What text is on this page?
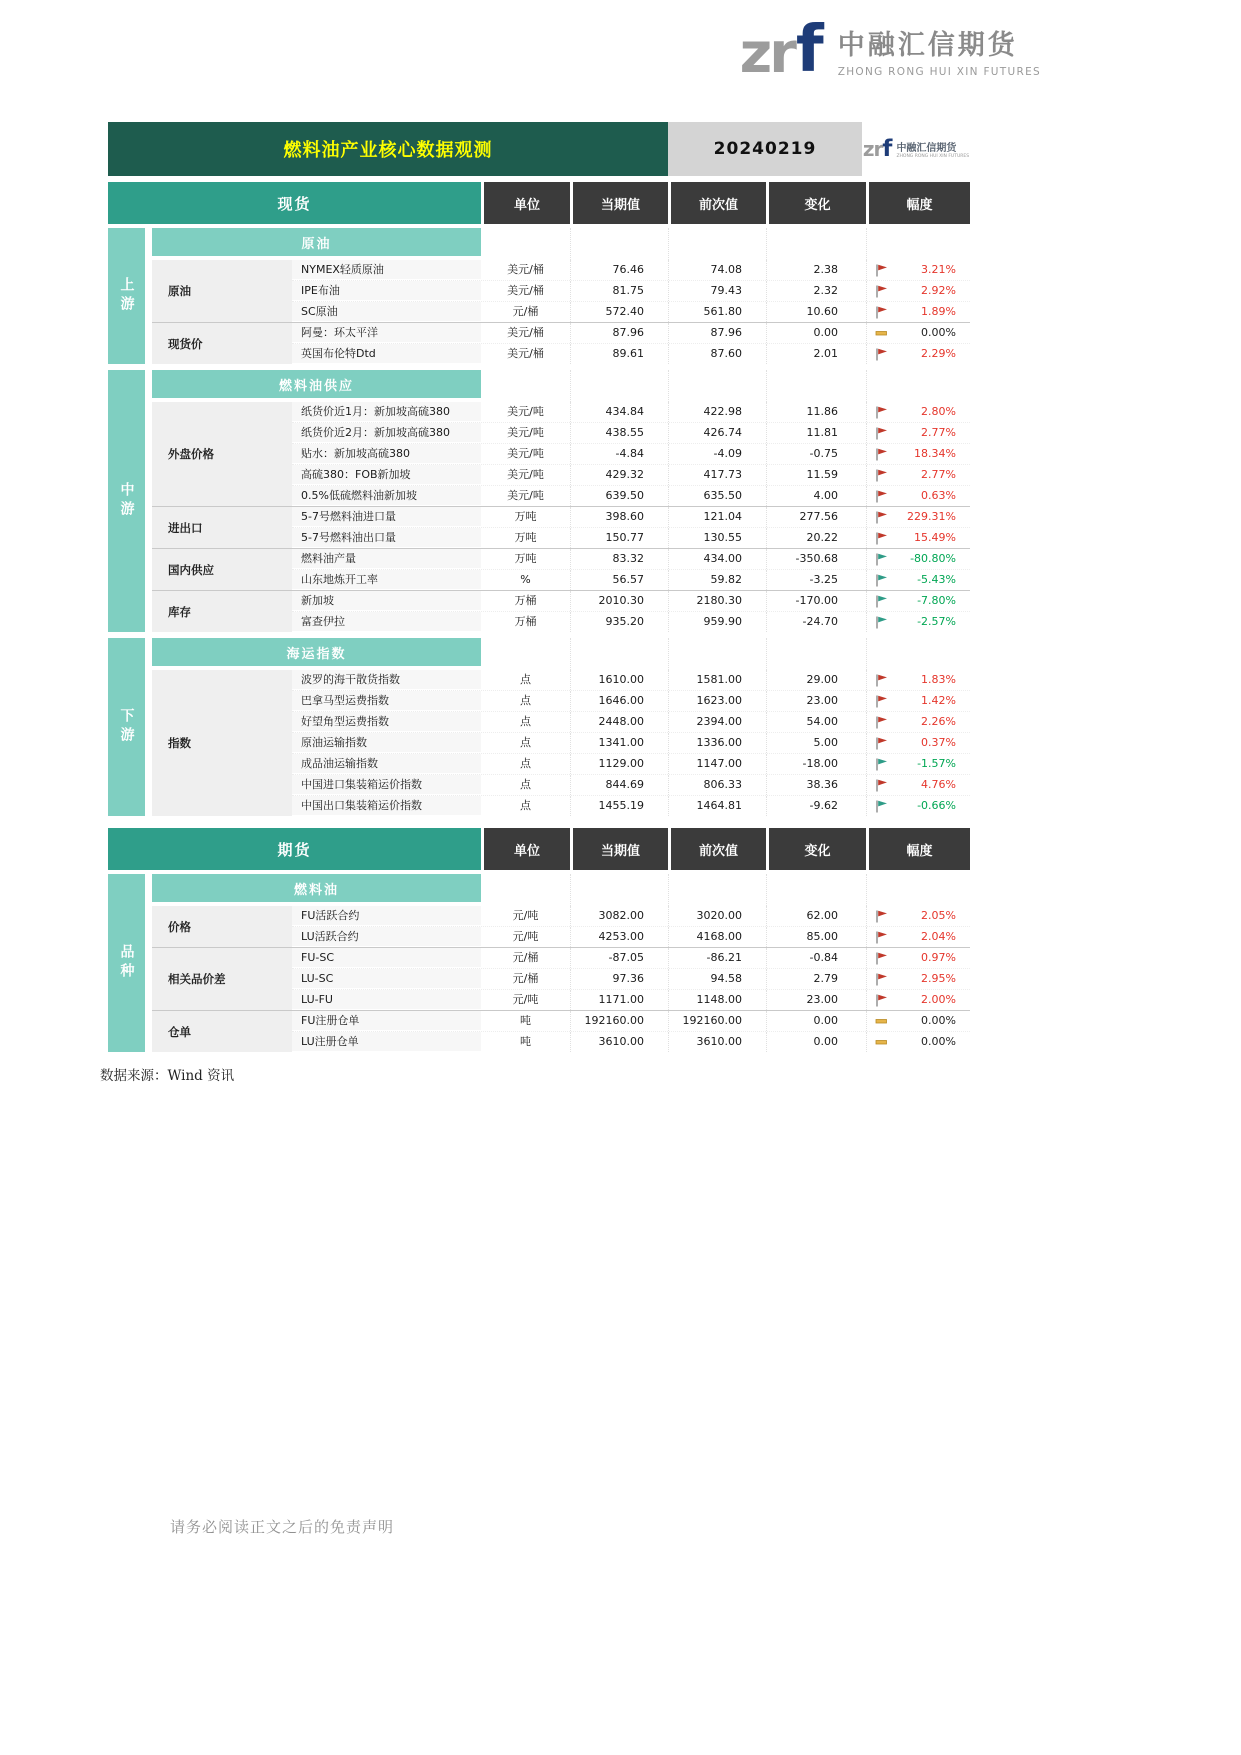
zr f 中融汇信期货
ZHONG RONG HUI XIN FUTURES
燃料油产业核心数据观测	20240219	zr f 中融汇信期货
ZHONG RONG HUI XIN FUTURES
现货	单位	当期值	前次值	变化	幅度
上游
原油
原油
NYMEX轻质原油	美元/桶	76.46	74.08	2.38	3.21%
IPE布油	美元/桶	81.75	79.43	2.32	2.92%
SC原油	元/桶	572.40	561.80	10.60	1.89%
现货价
阿曼：环太平洋	美元/桶	87.96	87.96	0.00	0.00%
英国布伦特Dtd	美元/桶	89.61	87.60	2.01	2.29%
中游
燃料油供应
外盘价格
纸货价近1月：新加坡高硫380	美元/吨	434.84	422.98	11.86	2.80%
纸货价近2月：新加坡高硫380	美元/吨	438.55	426.74	11.81	2.77%
贴水：新加坡高硫380	美元/吨	-4.84	-4.09	-0.75	18.34%
高硫380：FOB新加坡	美元/吨	429.32	417.73	11.59	2.77%
0.5%低硫燃料油新加坡	美元/吨	639.50	635.50	4.00	0.63%
进出口
5-7号燃料油进口量	万吨	398.60	121.04	277.56	229.31%
5-7号燃料油出口量	万吨	150.77	130.55	20.22	15.49%
国内供应
燃料油产量	万吨	83.32	434.00	-350.68	-80.80%
山东地炼开工率	%	56.57	59.82	-3.25	-5.43%
库存
新加坡	万桶	2010.30	2180.30	-170.00	-7.80%
富查伊拉	万桶	935.20	959.90	-24.70	-2.57%
下游
海运指数
指数
波罗的海干散货指数	点	1610.00	1581.00	29.00	1.83%
巴拿马型运费指数	点	1646.00	1623.00	23.00	1.42%
好望角型运费指数	点	2448.00	2394.00	54.00	2.26%
原油运输指数	点	1341.00	1336.00	5.00	0.37%
成品油运输指数	点	1129.00	1147.00	-18.00	-1.57%
中国进口集装箱运价指数	点	844.69	806.33	38.36	4.76%
中国出口集装箱运价指数	点	1455.19	1464.81	-9.62	-0.66%
期货	单位	当期值	前次值	变化	幅度
品种
燃料油
价格
FU活跃合约	元/吨	3082.00	3020.00	62.00	2.05%
LU活跃合约	元/吨	4253.00	4168.00	85.00	2.04%
相关品价差
FU-SC	元/桶	-87.05	-86.21	-0.84	0.97%
LU-SC	元/桶	97.36	94.58	2.79	2.95%
LU-FU	元/吨	1171.00	1148.00	23.00	2.00%
仓单
FU注册仓单	吨	192160.00	192160.00	0.00	0.00%
LU注册仓单	吨	3610.00	3610.00	0.00	0.00%
数据来源：Wind 资讯
请务必阅读正文之后的免责声明
